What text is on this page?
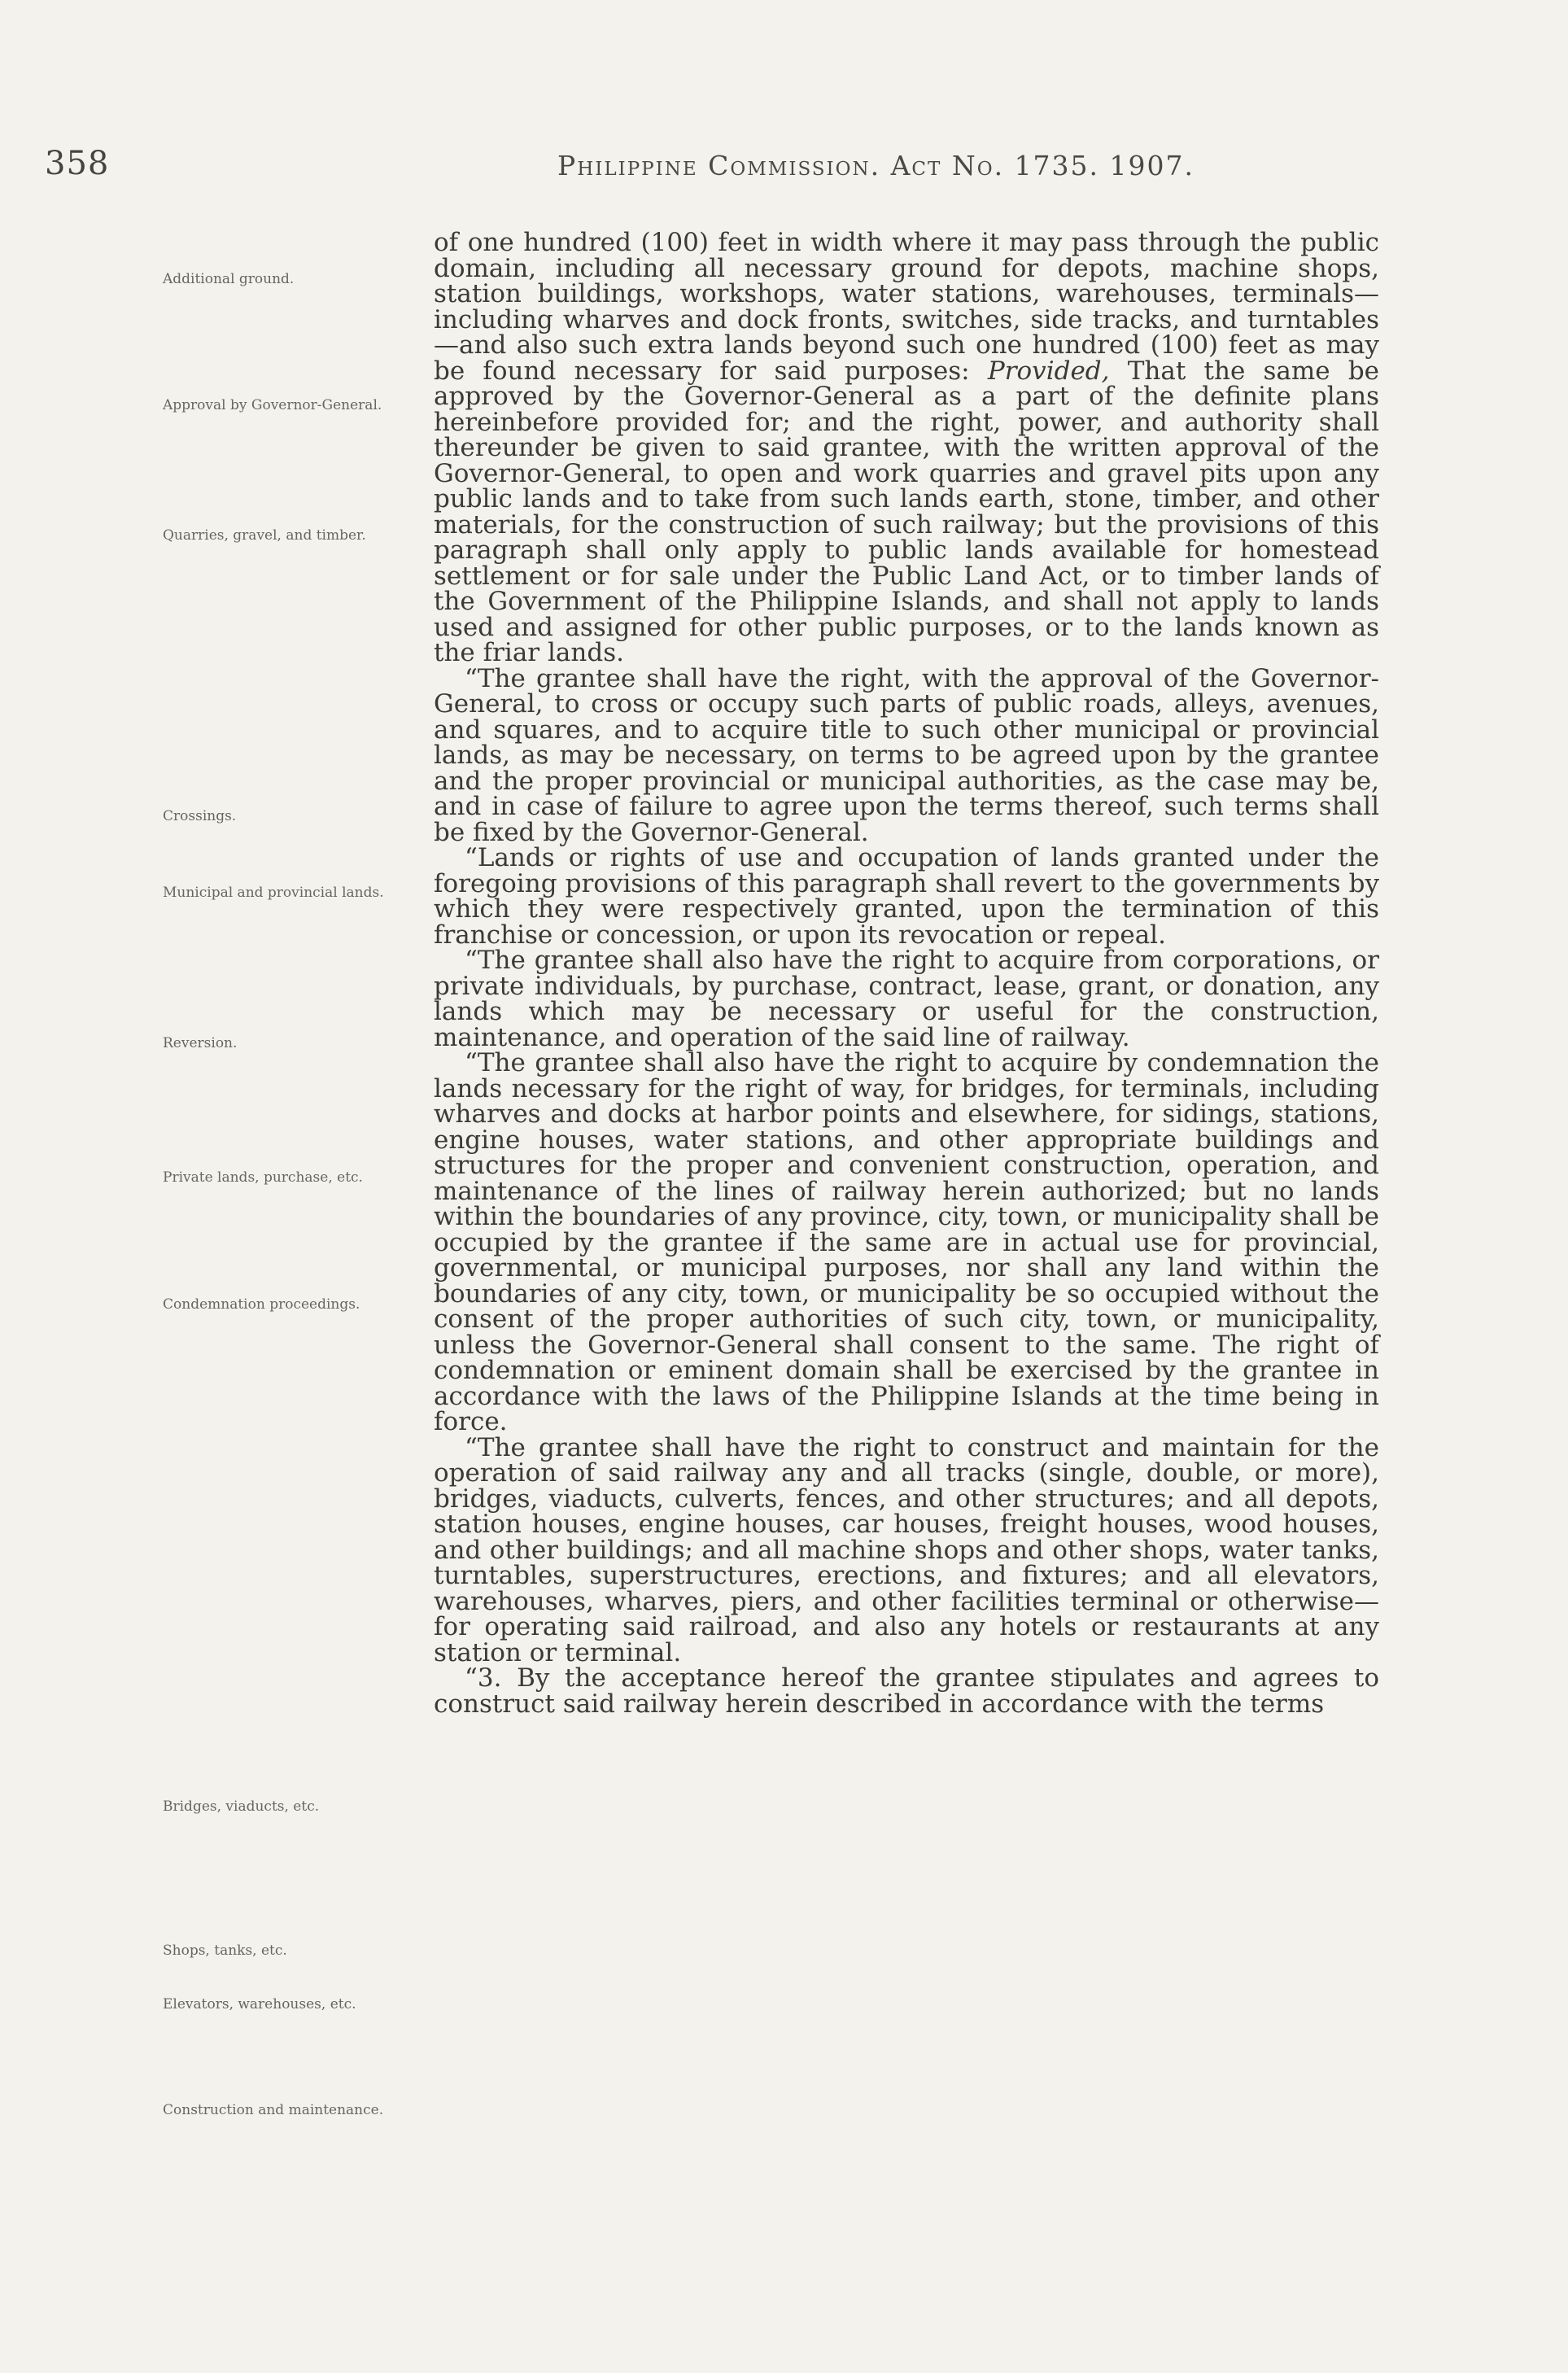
358	Philippine Commission. Act No. 1735. 1907.
Additional ground.
Approval by Governor-General.
Quarries, gravel, and timber.
Crossings.
Municipal and provincial lands.
Reversion.
Private lands, purchase, etc.
Condemnation proceedings.
Bridges, viaducts, etc.
Shops, tanks, etc.
Elevators, warehouses, etc.
Construction and maintenance.

of one hundred (100) feet in width where it may pass through the public domain, including all necessary ground for depots, machine shops, station buildings, workshops, water stations, warehouses, terminals—including wharves and dock fronts, switches, side tracks, and turntables—and also such extra lands beyond such one hundred (100) feet as may be found necessary for said purposes: Provided, That the same be approved by the Governor-General as a part of the definite plans hereinbefore provided for; and the right, power, and authority shall thereunder be given to said grantee, with the written approval of the Governor-General, to open and work quarries and gravel pits upon any public lands and to take from such lands earth, stone, timber, and other materials, for the construction of such railway; but the provisions of this paragraph shall only apply to public lands available for homestead settlement or for sale under the Public Land Act, or to timber lands of the Government of the Philippine Islands, and shall not apply to lands used and assigned for other public purposes, or to the lands known as the friar lands.

“The grantee shall have the right, with the approval of the Governor-General, to cross or occupy such parts of public roads, alleys, avenues, and squares, and to acquire title to such other municipal or provincial lands, as may be necessary, on terms to be agreed upon by the grantee and the proper provincial or municipal authorities, as the case may be, and in case of failure to agree upon the terms thereof, such terms shall be fixed by the Governor-General.

“Lands or rights of use and occupation of lands granted under the foregoing provisions of this paragraph shall revert to the governments by which they were respectively granted, upon the termination of this franchise or concession, or upon its revocation or repeal.

“The grantee shall also have the right to acquire from corporations, or private individuals, by purchase, contract, lease, grant, or donation, any lands which may be necessary or useful for the construction, maintenance, and operation of the said line of railway.

“The grantee shall also have the right to acquire by condemnation the lands necessary for the right of way, for bridges, for terminals, including wharves and docks at harbor points and elsewhere, for sidings, stations, engine houses, water stations, and other appropriate buildings and structures for the proper and convenient construction, operation, and maintenance of the lines of railway herein authorized; but no lands within the boundaries of any province, city, town, or municipality shall be occupied by the grantee if the same are in actual use for provincial, governmental, or municipal purposes, nor shall any land within the boundaries of any city, town, or municipality be so occupied without the consent of the proper authorities of such city, town, or municipality, unless the Governor-General shall consent to the same. The right of condemnation or eminent domain shall be exercised by the grantee in accordance with the laws of the Philippine Islands at the time being in force.

“The grantee shall have the right to construct and maintain for the operation of said railway any and all tracks (single, double, or more), bridges, viaducts, culverts, fences, and other structures; and all depots, station houses, engine houses, car houses, freight houses, wood houses, and other buildings; and all machine shops and other shops, water tanks, turntables, superstructures, erections, and fixtures; and all elevators, warehouses, wharves, piers, and other facilities terminal or otherwise—for operating said railroad, and also any hotels or restaurants at any station or terminal.

“3. By the acceptance hereof the grantee stipulates and agrees to construct said railway herein described in accordance with the terms
